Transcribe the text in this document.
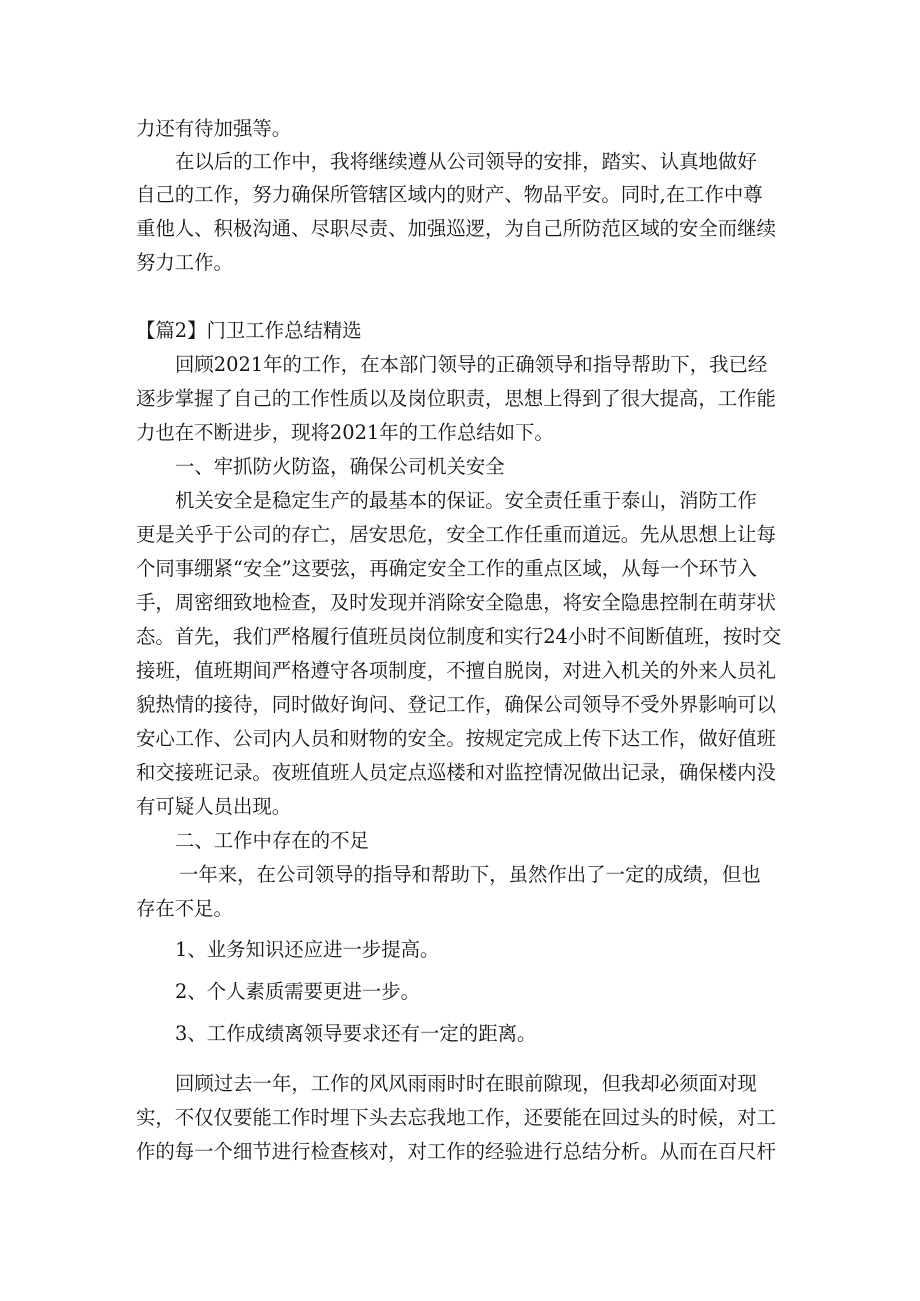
力还有待加强等。
在以后的工作中，我将继续遵从公司领导的安排，踏实、认真地做好
自己的工作，努力确保所管辖区域内的财产、物品平安。同时,在工作中尊
重他人、积极沟通、尽职尽责、加强巡逻，为自己所防范区域的安全而继续
努力工作。
【篇2】门卫工作总结精选
回顾2021年的工作，在本部门领导的正确领导和指导帮助下，我已经
逐步掌握了自己的工作性质以及岗位职责，思想上得到了很大提高，工作能
力也在不断进步，现将2021年的工作总结如下。
一、牢抓防火防盗，确保公司机关安全
机关安全是稳定生产的最基本的保证。安全责任重于泰山，消防工作
更是关乎于公司的存亡，居安思危，安全工作任重而道远。先从思想上让每
个同事绷紧“安全”这要弦，再确定安全工作的重点区域，从每一个环节入
手，周密细致地检查，及时发现并消除安全隐患，将安全隐患控制在萌芽状
态。首先，我们严格履行值班员岗位制度和实行24小时不间断值班，按时交
接班，值班期间严格遵守各项制度，不擅自脱岗，对进入机关的外来人员礼
貌热情的接待，同时做好询问、登记工作，确保公司领导不受外界影响可以
安心工作、公司内人员和财物的安全。按规定完成上传下达工作，做好值班
和交接班记录。夜班值班人员定点巡楼和对监控情况做出记录，确保楼内没
有可疑人员出现。
二、工作中存在的不足
一年来，在公司领导的指导和帮助下，虽然作出了一定的成绩，但也
存在不足。
1、业务知识还应进一步提高。
2、个人素质需要更进一步。
3、工作成绩离领导要求还有一定的距离。
回顾过去一年，工作的风风雨雨时时在眼前隙现，但我却必须面对现
实，不仅仅要能工作时埋下头去忘我地工作，还要能在回过头的时候，对工
作的每一个细节进行检查核对，对工作的经验进行总结分析。从而在百尺杆
